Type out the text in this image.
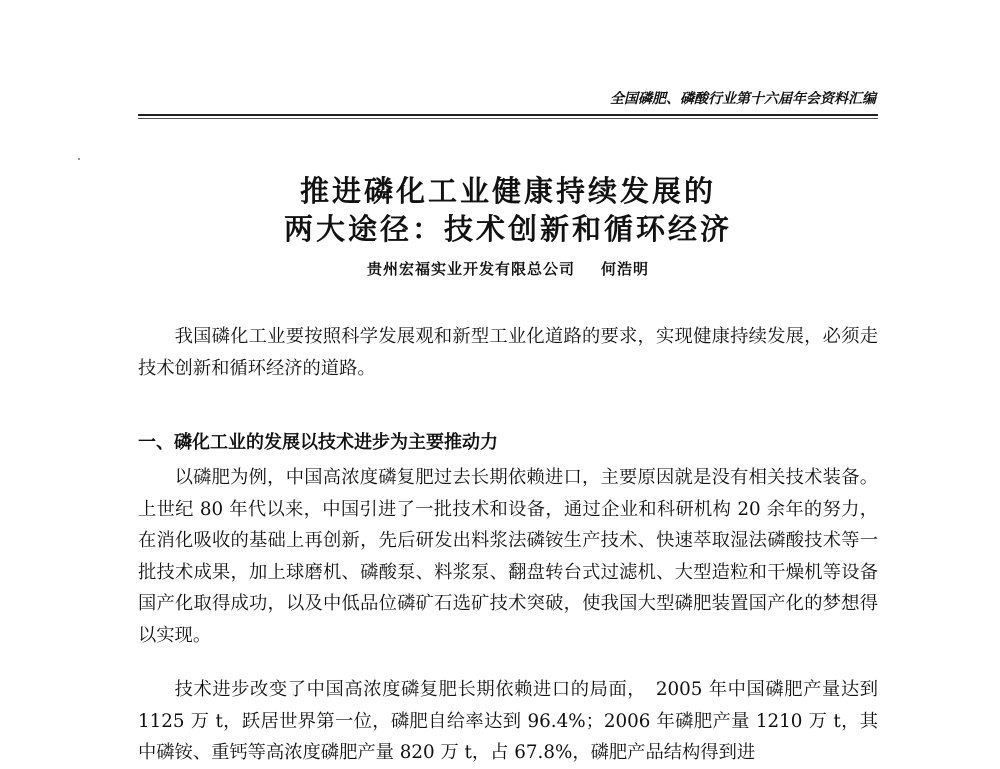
全国磷肥、磷酸行业第十六届年会资料汇编
推进磷化工业健康持续发展的
两大途径：技术创新和循环经济
贵州宏福实业开发有限总公司 何浩明

我国磷化工业要按照科学发展观和新型工业化道路的要求，实现健康持续发展，必须走技术创新和循环经济的道路。

一、磷化工业的发展以技术进步为主要推动力

以磷肥为例，中国高浓度磷复肥过去长期依赖进口，主要原因就是没有相关技术装备。上世纪 80 年代以来，中国引进了一批技术和设备，通过企业和科研机构 20 余年的努力，在消化吸收的基础上再创新，先后研发出料浆法磷铵生产技术、快速萃取湿法磷酸技术等一批技术成果，加上球磨机、磷酸泵、料浆泵、翻盘转台式过滤机、大型造粒和干燥机等设备国产化取得成功，以及中低品位磷矿石选矿技术突破，使我国大型磷肥装置国产化的梦想得以实现。

技术进步改变了中国高浓度磷复肥长期依赖进口的局面，　2005 年中国磷肥产量达到 1125 万 t，跃居世界第一位，磷肥自给率达到 96.4%；2006 年磷肥产量 1210 万 t，其中磷铵、重钙等高浓度磷肥产量 820 万 t，占 67.8%，磷肥产品结构得到进
